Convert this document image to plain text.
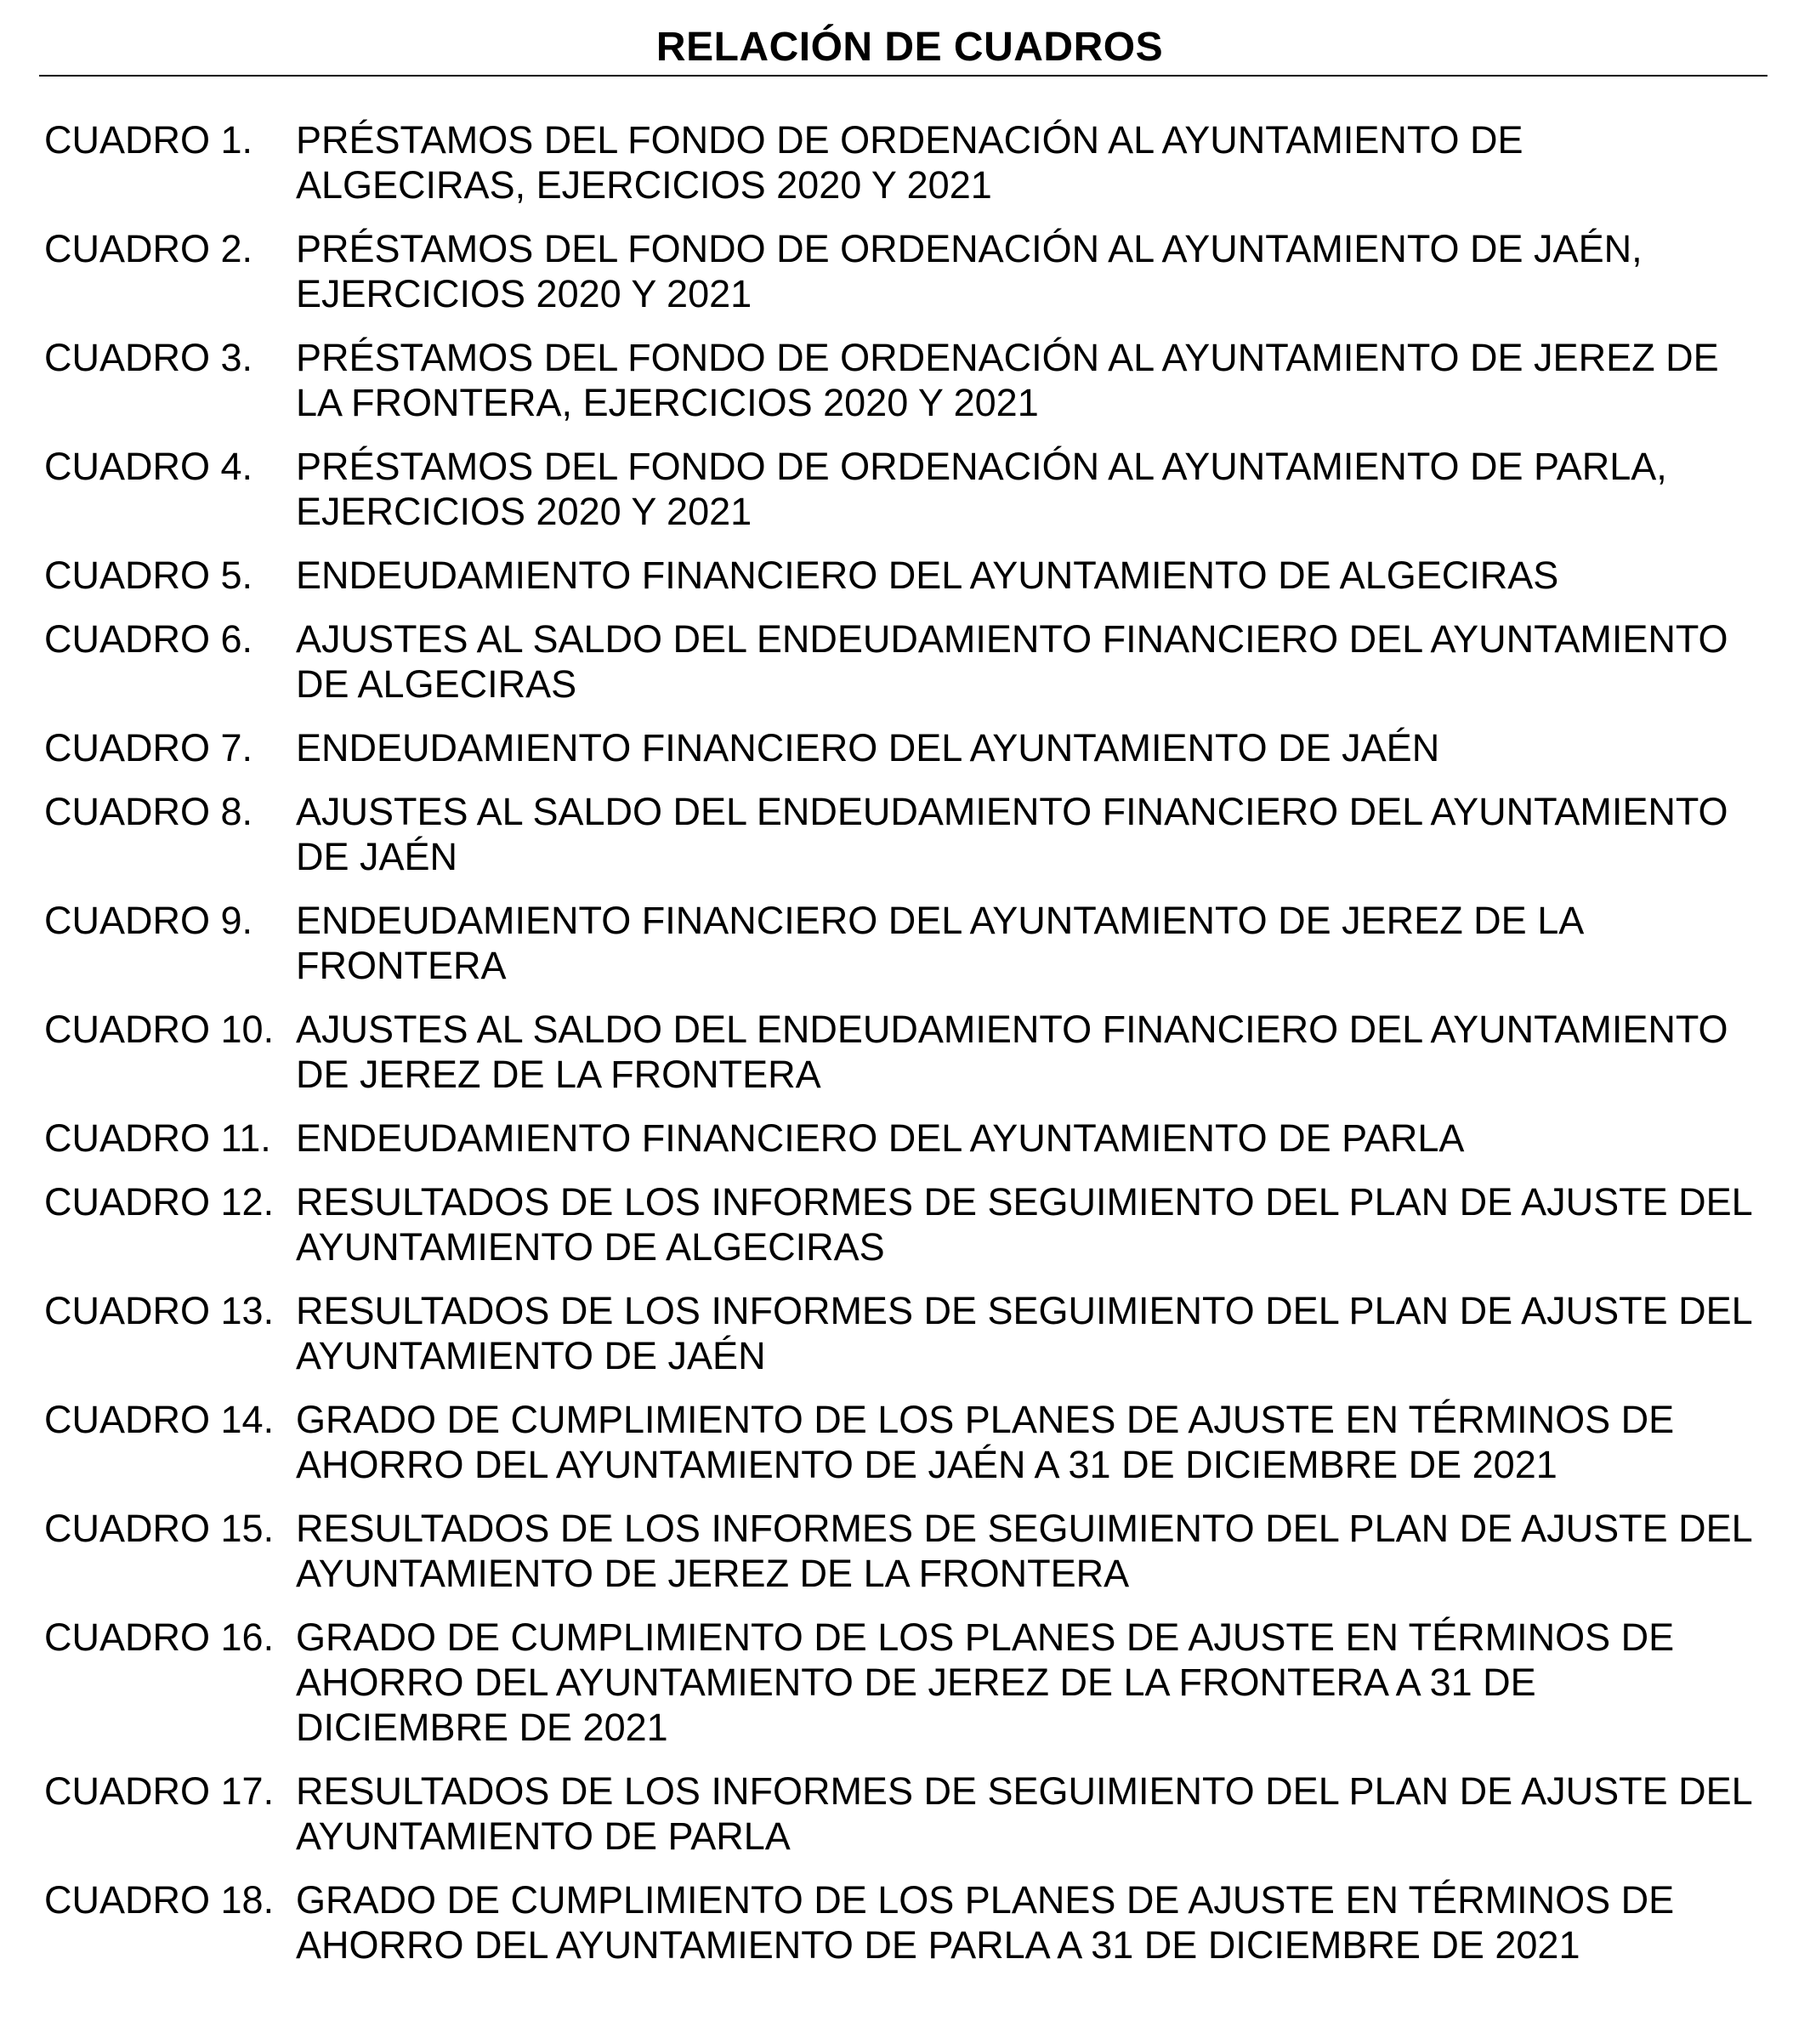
RELACIÓN DE CUADROS
CUADRO 1.	PRÉSTAMOS DEL FONDO DE ORDENACIÓN AL AYUNTAMIENTO DE ALGECIRAS, EJERCICIOS 2020 Y 2021
CUADRO 2.	PRÉSTAMOS DEL FONDO DE ORDENACIÓN AL AYUNTAMIENTO DE JAÉN, EJERCICIOS 2020 Y 2021
CUADRO 3.	PRÉSTAMOS DEL FONDO DE ORDENACIÓN AL AYUNTAMIENTO DE JEREZ DE LA FRONTERA, EJERCICIOS 2020 Y 2021
CUADRO 4.	PRÉSTAMOS DEL FONDO DE ORDENACIÓN AL AYUNTAMIENTO DE PARLA, EJERCICIOS 2020 Y 2021
CUADRO 5.	ENDEUDAMIENTO FINANCIERO DEL AYUNTAMIENTO DE ALGECIRAS
CUADRO 6.	AJUSTES AL SALDO DEL ENDEUDAMIENTO FINANCIERO DEL AYUNTAMIENTO DE ALGECIRAS
CUADRO 7.	ENDEUDAMIENTO FINANCIERO DEL AYUNTAMIENTO DE JAÉN
CUADRO 8.	AJUSTES AL SALDO DEL ENDEUDAMIENTO FINANCIERO DEL AYUNTAMIENTO DE JAÉN
CUADRO 9.	ENDEUDAMIENTO FINANCIERO DEL AYUNTAMIENTO DE JEREZ DE LA FRONTERA
CUADRO 10. AJUSTES AL SALDO DEL ENDEUDAMIENTO FINANCIERO DEL AYUNTAMIENTO DE JEREZ DE LA FRONTERA
CUADRO 11. ENDEUDAMIENTO FINANCIERO DEL AYUNTAMIENTO DE PARLA
CUADRO 12. RESULTADOS DE LOS INFORMES DE SEGUIMIENTO DEL PLAN DE AJUSTE DEL AYUNTAMIENTO DE ALGECIRAS
CUADRO 13. RESULTADOS DE LOS INFORMES DE SEGUIMIENTO DEL PLAN DE AJUSTE DEL AYUNTAMIENTO DE JAÉN
CUADRO 14. GRADO DE CUMPLIMIENTO DE LOS PLANES DE AJUSTE EN TÉRMINOS DE AHORRO DEL AYUNTAMIENTO DE JAÉN A 31 DE DICIEMBRE DE 2021
CUADRO 15. RESULTADOS DE LOS INFORMES DE SEGUIMIENTO DEL PLAN DE AJUSTE DEL AYUNTAMIENTO DE JEREZ DE LA FRONTERA
CUADRO 16. GRADO DE CUMPLIMIENTO DE LOS PLANES DE AJUSTE EN TÉRMINOS DE AHORRO DEL AYUNTAMIENTO DE JEREZ DE LA FRONTERA A 31 DE DICIEMBRE DE 2021
CUADRO 17. RESULTADOS DE LOS INFORMES DE SEGUIMIENTO DEL PLAN DE AJUSTE DEL AYUNTAMIENTO DE PARLA
CUADRO 18. GRADO DE CUMPLIMIENTO DE LOS PLANES DE AJUSTE EN TÉRMINOS DE AHORRO DEL AYUNTAMIENTO DE PARLA A 31 DE DICIEMBRE DE 2021
